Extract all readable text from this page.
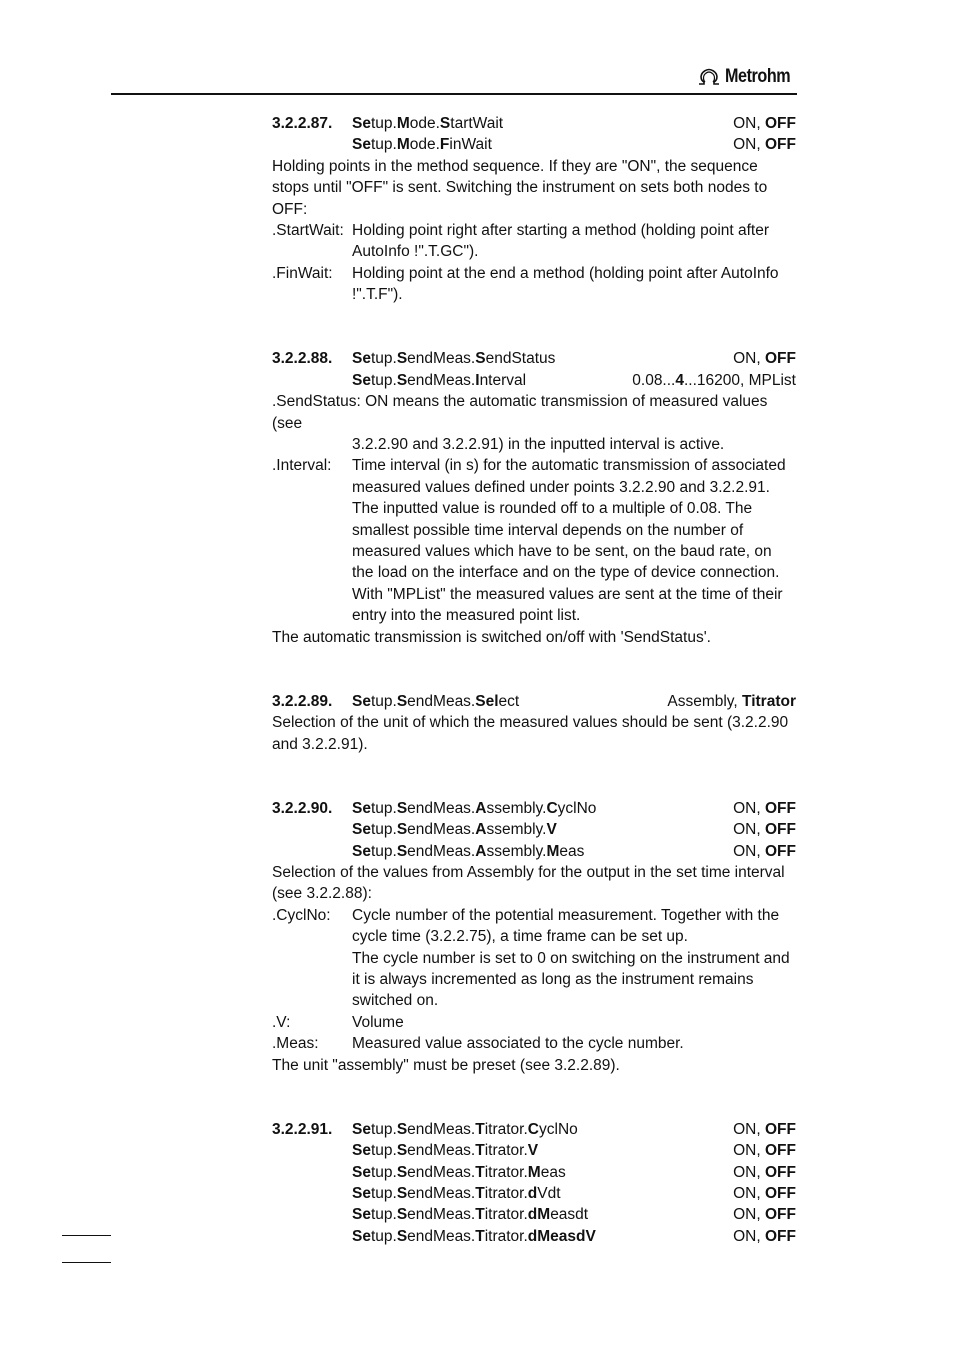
Metrohm
3.2.2.87. Setup.Mode.StartWait	ON, OFF
Setup.Mode.FinWait	ON, OFF
Holding points in the method sequence. If they are "ON", the sequence stops until "OFF" is sent. Switching the instrument on sets both nodes to OFF:
.StartWait: Holding point right after starting a method (holding point after AutoInfo !".T.GC").
.FinWait:	Holding point at the end a method (holding point after AutoInfo !".T.F").
3.2.2.88. Setup.SendMeas.SendStatus	ON, OFF
Setup.SendMeas.Interval	0.08...4...16200, MPList
.SendStatus: ON means the automatic transmission of measured values (see
3.2.2.90 and 3.2.2.91) in the inputted interval is active.
.Interval:	Time interval (in s) for the automatic transmission of associated measured values defined under points 3.2.2.90 and 3.2.2.91. The inputted value is rounded off to a multiple of 0.08. The smallest possible time interval depends on the number of measured values which have to be sent, on the baud rate, on the load on the interface and on the type of device connection. With "MPList" the measured values are sent at the time of their entry into the measured point list.
The automatic transmission is switched on/off with 'SendStatus'.
3.2.2.89. Setup.SendMeas.Select	Assembly, Titrator
Selection of the unit of which the measured values should be sent (3.2.2.90 and 3.2.2.91).
3.2.2.90. Setup.SendMeas.Assembly.CyclNo	ON, OFF
Setup.SendMeas.Assembly.V	ON, OFF
Setup.SendMeas.Assembly.Meas	ON, OFF
Selection of the values from Assembly for the output in the set time interval (see 3.2.2.88):
.CyclNo:	Cycle number of the potential measurement. Together with the cycle time (3.2.2.75), a time frame can be set up.
The cycle number is set to 0 on switching on the instrument and it is always incremented as long as the instrument remains switched on.
.V:	Volume
.Meas:	Measured value associated to the cycle number.
The unit "assembly" must be preset (see 3.2.2.89).
3.2.2.91. Setup.SendMeas.Titrator.CyclNo	ON, OFF
Setup.SendMeas.Titrator.V	ON, OFF
Setup.SendMeas.Titrator.Meas	ON, OFF
Setup.SendMeas.Titrator.dVdt	ON, OFF
Setup.SendMeas.Titrator.dMeasdt	ON, OFF
Setup.SendMeas.Titrator.dMeasdV	ON, OFF
